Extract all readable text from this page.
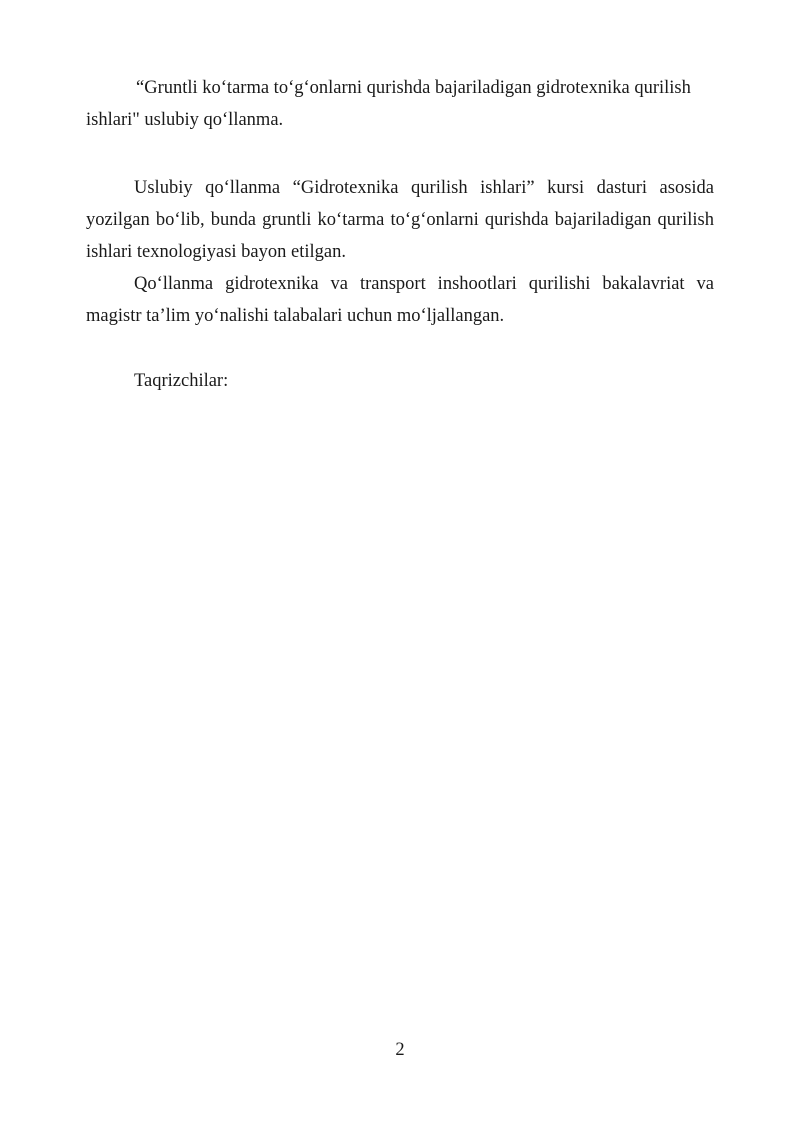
“Gruntli ko‘tarma to‘g‘onlarni qurishda bajariladigan gidrotexnika qurilish ishlari" uslubiy qo‘llanma.

Uslubiy qo‘llanma “Gidrotexnika qurilish ishlari” kursi dasturi asosida yozilgan bo‘lib, bunda gruntli ko‘tarma to‘g‘onlarni qurishda bajariladigan qurilish ishlari texnologiyasi bayon etilgan.

Qo‘llanma gidrotexnika va transport inshootlari qurilishi bakalavriat va magistr ta’lim yo‘nalishi talabalari uchun mo‘ljallangan.

Taqrizchilar:

2
